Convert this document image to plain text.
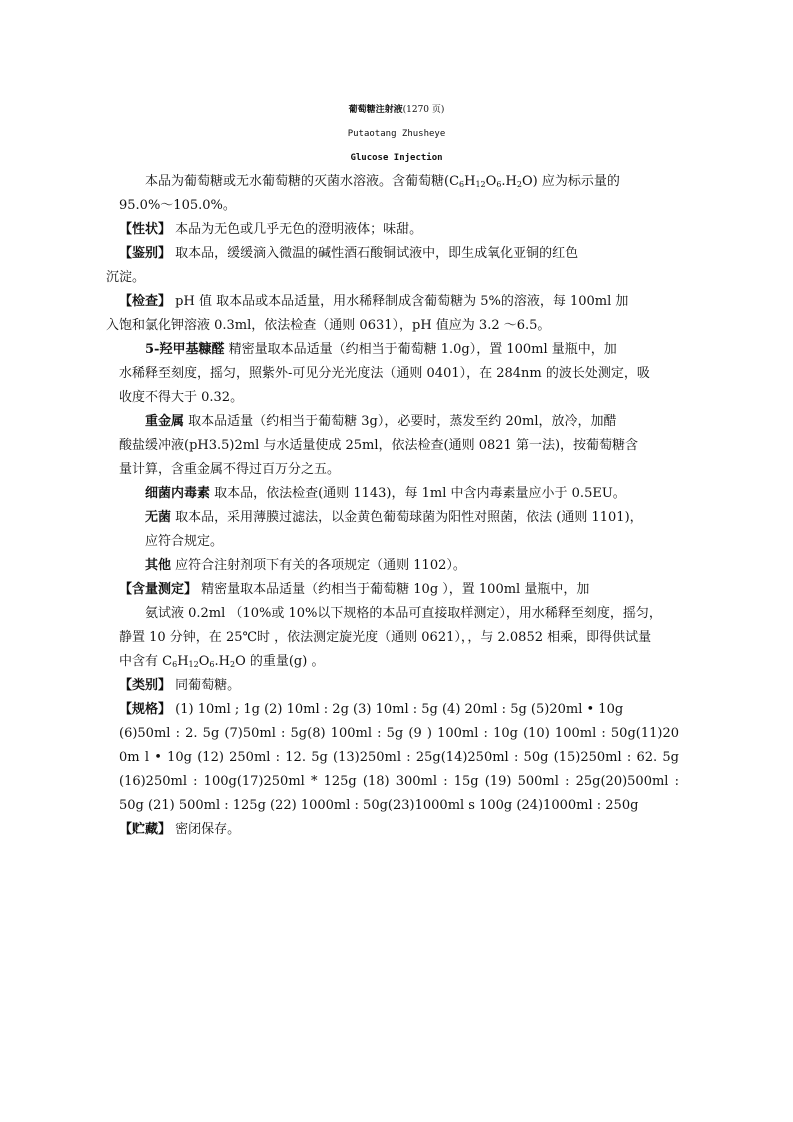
葡萄糖注射液(1270 页)
Putaotang Zhusheye
Glucose Injection
本品为葡萄糖或无水葡萄糖的灭菌水溶液。含葡萄糖$(C_6H_{12}O_6.H_2O)$ 应为标示量的
95.0%～105.0%。
【性状】 本品为无色或几乎无色的澄明液体；味甜。
【鉴别】 取本品，缓缓滴入微温的碱性酒石酸铜试液中，即生成氧化亚铜的红色
沉淀。
【检查】 pH 值 取本品或本品适量，用水稀释制成含葡萄糖为 5%的溶液，每 100ml 加
入饱和氯化钾溶液 0.3ml，依法检查（通则 0631），pH 值应为 3.2 ～6.5。
5-羟甲基糠醛 精密量取本品适量（约相当于葡萄糖 1.0g），置 100ml 量瓶中，加
水稀释至刻度，摇匀，照紫外-可见分光光度法（通则 0401），在 284nm 的波长处测定，吸
收度不得大于 0.32。
重金属 取本品适量（约相当于葡萄糖 3g），必要时，蒸发至约 20ml，放冷，加醋
酸盐缓冲液(pH3.5)2ml 与水适量使成 25ml，依法检查(通则 0821 第一法)，按葡萄糖含
量计算，含重金属不得过百万分之五。
细菌内毒素 取本品，依法检查(通则 1143)，每 1ml 中含内毒素量应小于 0.5EU。
无菌 取本品，采用薄膜过滤法，以金黄色葡萄球菌为阳性对照菌，依法 (通则 1101)，
应符合规定。
其他 应符合注射剂项下有关的各项规定（通则 1102）。
【含量测定】 精密量取本品适量（约相当于葡萄糖 10g ），置 100ml 量瓶中，加
氨试液 0.2ml （10%或 10%以下规格的本品可直接取样测定），用水稀释至刻度，摇匀，
静置 10 分钟，在 25℃时 ，依法测定旋光度（通则 0621），，与 2.0852 相乘，即得供试量
中含有 $C_6H_{12}O_6.H_2O$ 的重量(g) 。
【类别】 同葡萄糖。
【规格】 (1) 10ml ; 1g (2) 10ml : 2g (3) 10ml : 5g (4) 20ml : 5g (5)20ml • 10g
(6)50ml : 2. 5g (7)50ml : 5g(8) 100ml : 5g (9 ) 100ml : 10g (10) 100ml : 50g(11)20
0m l • 10g (12) 250ml : 12. 5g (13)250ml : 25g(14)250ml : 50g (15)250ml : 62. 5g
(16)250ml : 100g(17)250ml * 125g (18) 300ml : 15g (19) 500ml : 25g(20)500ml :
50g (21) 500ml : 125g (22) 1000ml : 50g(23)1000ml s 100g (24)1000ml : 250g
【贮藏】 密闭保存。
